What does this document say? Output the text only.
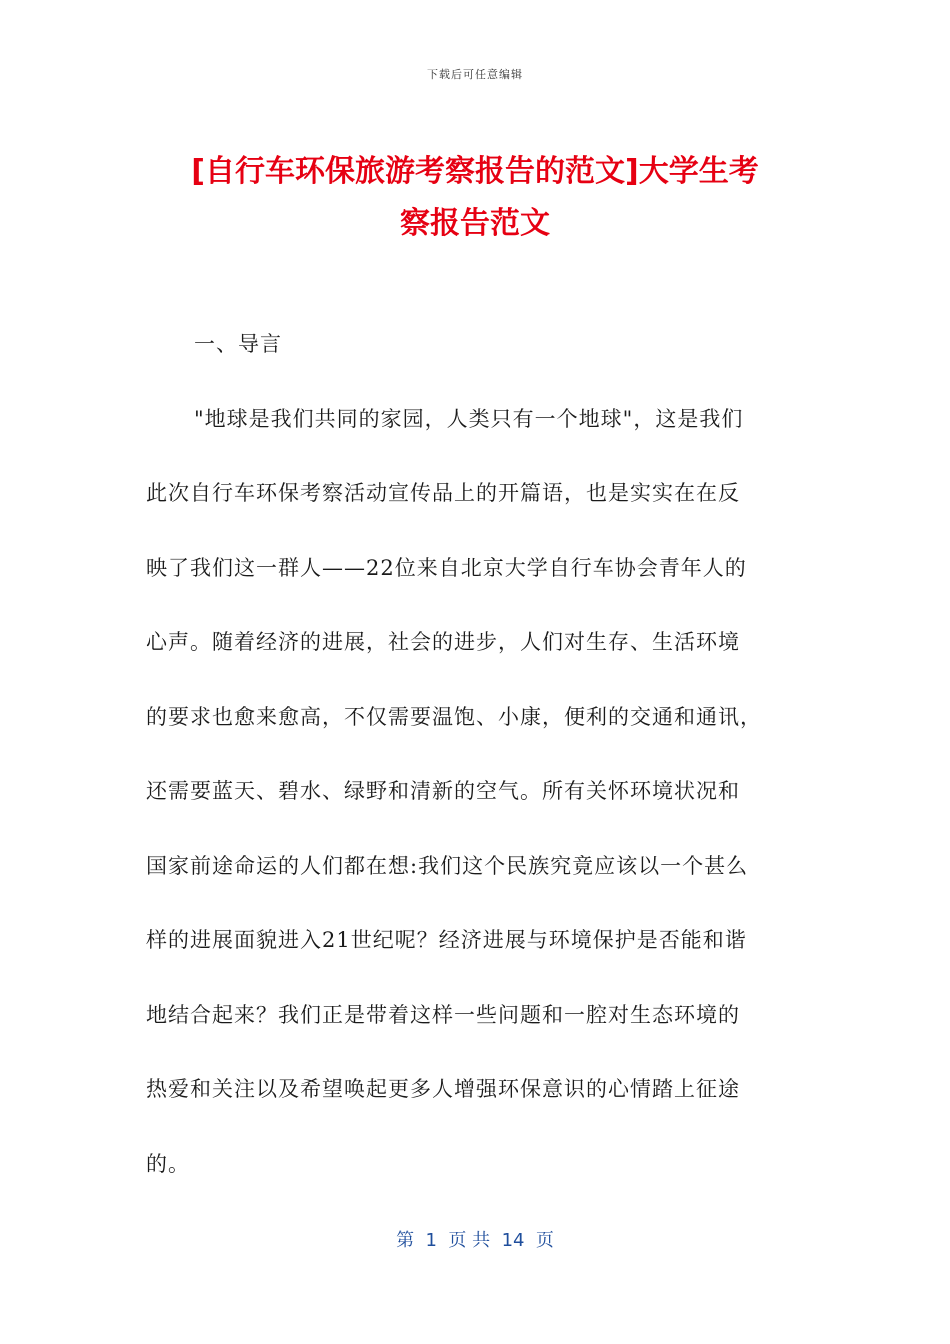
下载后可任意编辑
[自行车环保旅游考察报告的范文]大学生考
察报告范文
一、导言
"地球是我们共同的家园，人类只有一个地球"，这是我们
此次自行车环保考察活动宣传品上的开篇语，也是实实在在反
映了我们这一群人——22位来自北京大学自行车协会青年人的
心声。随着经济的进展，社会的进步，人们对生存、生活环境
的要求也愈来愈高，不仅需要温饱、小康，便利的交通和通讯，
还需要蓝天、碧水、绿野和清新的空气。所有关怀环境状况和
国家前途命运的人们都在想:我们这个民族究竟应该以一个甚么
样的进展面貌进入21世纪呢？经济进展与环境保护是否能和谐
地结合起来？我们正是带着这样一些问题和一腔对生态环境的
热爱和关注以及希望唤起更多人增强环保意识的心情踏上征途
的。
第  1  页 共  14  页
